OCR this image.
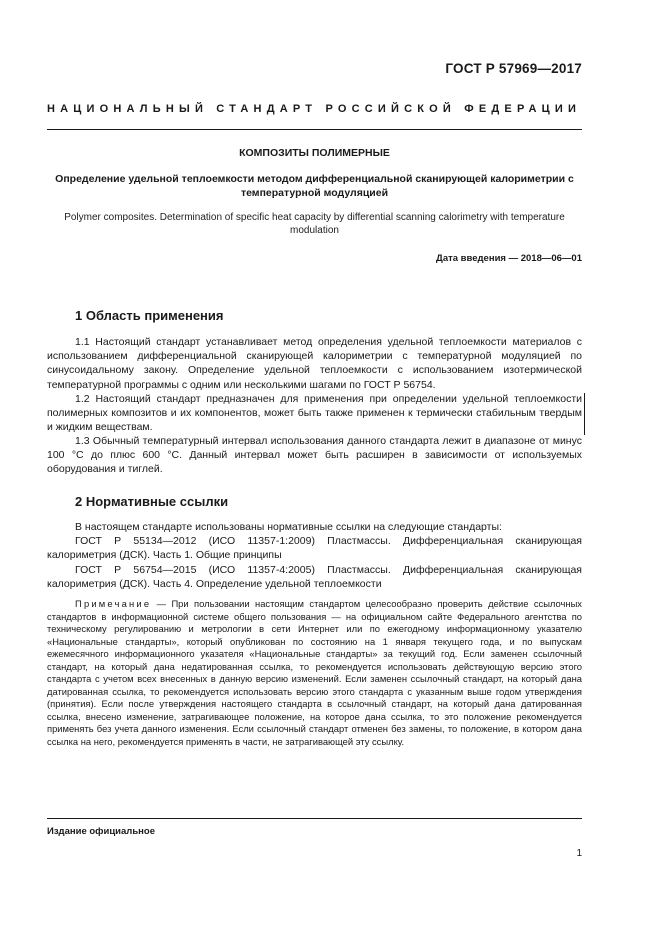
ГОСТ Р 57969—2017
НАЦИОНАЛЬНЫЙ СТАНДАРТ РОССИЙСКОЙ ФЕДЕРАЦИИ
КОМПОЗИТЫ ПОЛИМЕРНЫЕ
Определение удельной теплоемкости методом дифференциальной сканирующей калориметрии с температурной модуляцией
Polymer composites. Determination of specific heat capacity by differential scanning calorimetry with temperature modulation
Дата введения — 2018—06—01
1 Область применения
1.1 Настоящий стандарт устанавливает метод определения удельной теплоемкости материалов с использованием дифференциальной сканирующей калориметрии с температурной модуляцией по синусоидальному закону. Определение удельной теплоемкости с использованием изотермической температурной программы с одним или несколькими шагами по ГОСТ Р 56754.
1.2 Настоящий стандарт предназначен для применения при определении удельной теплоемкости полимерных композитов и их компонентов, может быть также применен к термически стабильным твердым и жидким веществам.
1.3 Обычный температурный интервал использования данного стандарта лежит в диапазоне от минус 100 °С до плюс 600 °С. Данный интервал может быть расширен в зависимости от используемых оборудования и тиглей.
2 Нормативные ссылки
В настоящем стандарте использованы нормативные ссылки на следующие стандарты:
ГОСТ Р 55134—2012 (ИСО 11357-1:2009) Пластмассы. Дифференциальная сканирующая калориметрия (ДСК). Часть 1. Общие принципы
ГОСТ Р 56754—2015 (ИСО 11357-4:2005) Пластмассы. Дифференциальная сканирующая калориметрия (ДСК). Часть 4. Определение удельной теплоемкости
Примечание — При пользовании настоящим стандартом целесообразно проверить действие ссылочных стандартов в информационной системе общего пользования — на официальном сайте Федерального агентства по техническому регулированию и метрологии в сети Интернет или по ежегодному информационному указателю «Национальные стандарты», который опубликован по состоянию на 1 января текущего года, и по выпускам ежемесячного информационного указателя «Национальные стандарты» за текущий год. Если заменен ссылочный стандарт, на который дана недатированная ссылка, то рекомендуется использовать действующую версию этого стандарта с учетом всех внесенных в данную версию изменений. Если заменен ссылочный стандарт, на который дана датированная ссылка, то рекомендуется использовать версию этого стандарта с указанным выше годом утверждения (принятия). Если после утверждения настоящего стандарта в ссылочный стандарт, на который дана датированная ссылка, внесено изменение, затрагивающее положение, на которое дана ссылка, то это положение рекомендуется применять без учета данного изменения. Если ссылочный стандарт отменен без замены, то положение, в котором дана ссылка на него, рекомендуется применять в части, не затрагивающей эту ссылку.
Издание официальное
1
